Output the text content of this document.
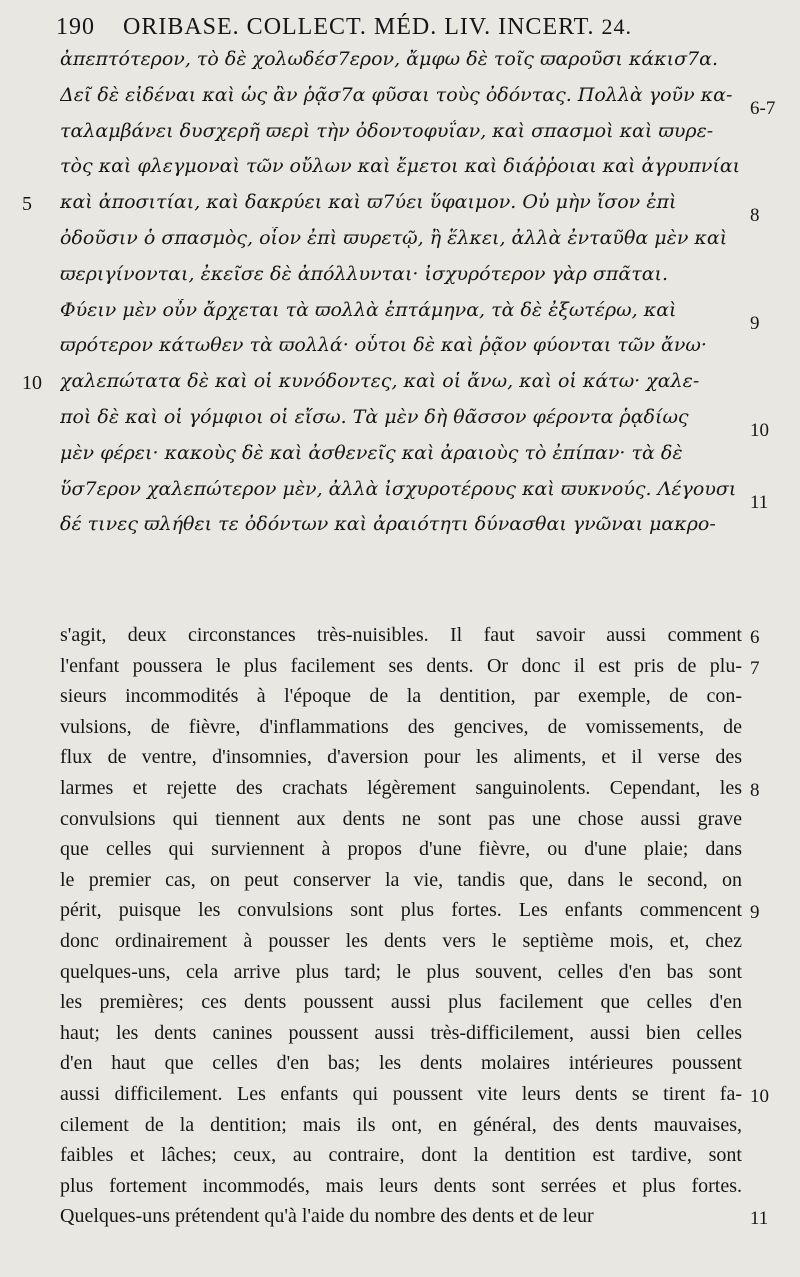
190 ORIBASE. COLLECT. MÉD. LIV. INCERT. 24.
ἀπεπτότερον, τὸ δὲ χολωδέσ7ερον, ἄμφω δὲ τοῖς ϖαροῦσι κάκισ7α.
Δεῖ δὲ εἰδέναι καὶ ὡς ἂν ῥᾷσ7α φῦσαι τοὺς ὀδόντας. Πολλὰ γοῦν κα-
ταλαμβάνει δυσχερῆ ϖερὶ τὴν ὀδοντοφυΐαν, καὶ σπασμοὶ καὶ ϖυρε-
τὸς καὶ φλεγμοναὶ τῶν οὔλων καὶ ἔμετοι καὶ διάῤῥοιαι καὶ ἀγρυπνίαι
καὶ ἀποσιτίαι, καὶ δακρύει καὶ ϖ7ύει ὕφαιμον. Οὐ μὴν ἴσον ἐπὶ
ὀδοῦσιν ὁ σπασμὸς, οἷον ἐπὶ ϖυρετῷ, ἢ ἕλκει, ἀλλὰ ἐνταῦθα μὲν καὶ
ϖεριγίνονται, ἐκεῖσε δὲ ἀπόλλυνται· ἰσχυρότερον γὰρ σπᾶται.
Φύειν μὲν οὖν ἄρχεται τὰ ϖολλὰ ἑπτάμηνα, τὰ δὲ ἐξωτέρω, καὶ
ϖρότερον κάτωθεν τὰ ϖολλά· οὗτοι δὲ καὶ ῥᾷον φύονται τῶν ἄνω·
χαλεπώτατα δὲ καὶ οἱ κυνόδοντες, καὶ οἱ ἄνω, καὶ οἱ κάτω· χαλε-
ποὶ δὲ καὶ οἱ γόμφιοι οἱ εἴσω. Τὰ μὲν δὴ θᾶσσον φέροντα ῥᾳδίως
μὲν φέρει· κακοὺς δὲ καὶ ἀσθενεῖς καὶ ἀραιοὺς τὸ ἐπίπαν· τὰ δὲ
ὕσ7ερον χαλεπώτερον μὲν, ἀλλὰ ἰσχυροτέρους καὶ ϖυκνούς. Λέγουσι
δέ τινες ϖλήθει τε ὀδόντων καὶ ἀραιότητι δύνασθαι γνῶναι μακρο-
5
10
6-7
8
9
10
11
s'agit, deux circonstances très-nuisibles. Il faut savoir aussi comment
l'enfant poussera le plus facilement ses dents. Or donc il est pris de plu-
sieurs incommodités à l'époque de la dentition, par exemple, de con-
vulsions, de fièvre, d'inflammations des gencives, de vomissements, de
flux de ventre, d'insomnies, d'aversion pour les aliments, et il verse des
larmes et rejette des crachats légèrement sanguinolents. Cependant, les
convulsions qui tiennent aux dents ne sont pas une chose aussi grave
que celles qui surviennent à propos d'une fièvre, ou d'une plaie; dans
le premier cas, on peut conserver la vie, tandis que, dans le second, on
périt, puisque les convulsions sont plus fortes. Les enfants commencent
donc ordinairement à pousser les dents vers le septième mois, et, chez
quelques-uns, cela arrive plus tard; le plus souvent, celles d'en bas sont
les premières; ces dents poussent aussi plus facilement que celles d'en
haut; les dents canines poussent aussi très-difficilement, aussi bien celles
d'en haut que celles d'en bas; les dents molaires intérieures poussent
aussi difficilement. Les enfants qui poussent vite leurs dents se tirent fa-
cilement de la dentition; mais ils ont, en général, des dents mauvaises,
faibles et lâches; ceux, au contraire, dont la dentition est tardive, sont
plus fortement incommodés, mais leurs dents sont serrées et plus fortes.
Quelques-uns prétendent qu'à l'aide du nombre des dents et de leur
6
7
8
9
10
11
